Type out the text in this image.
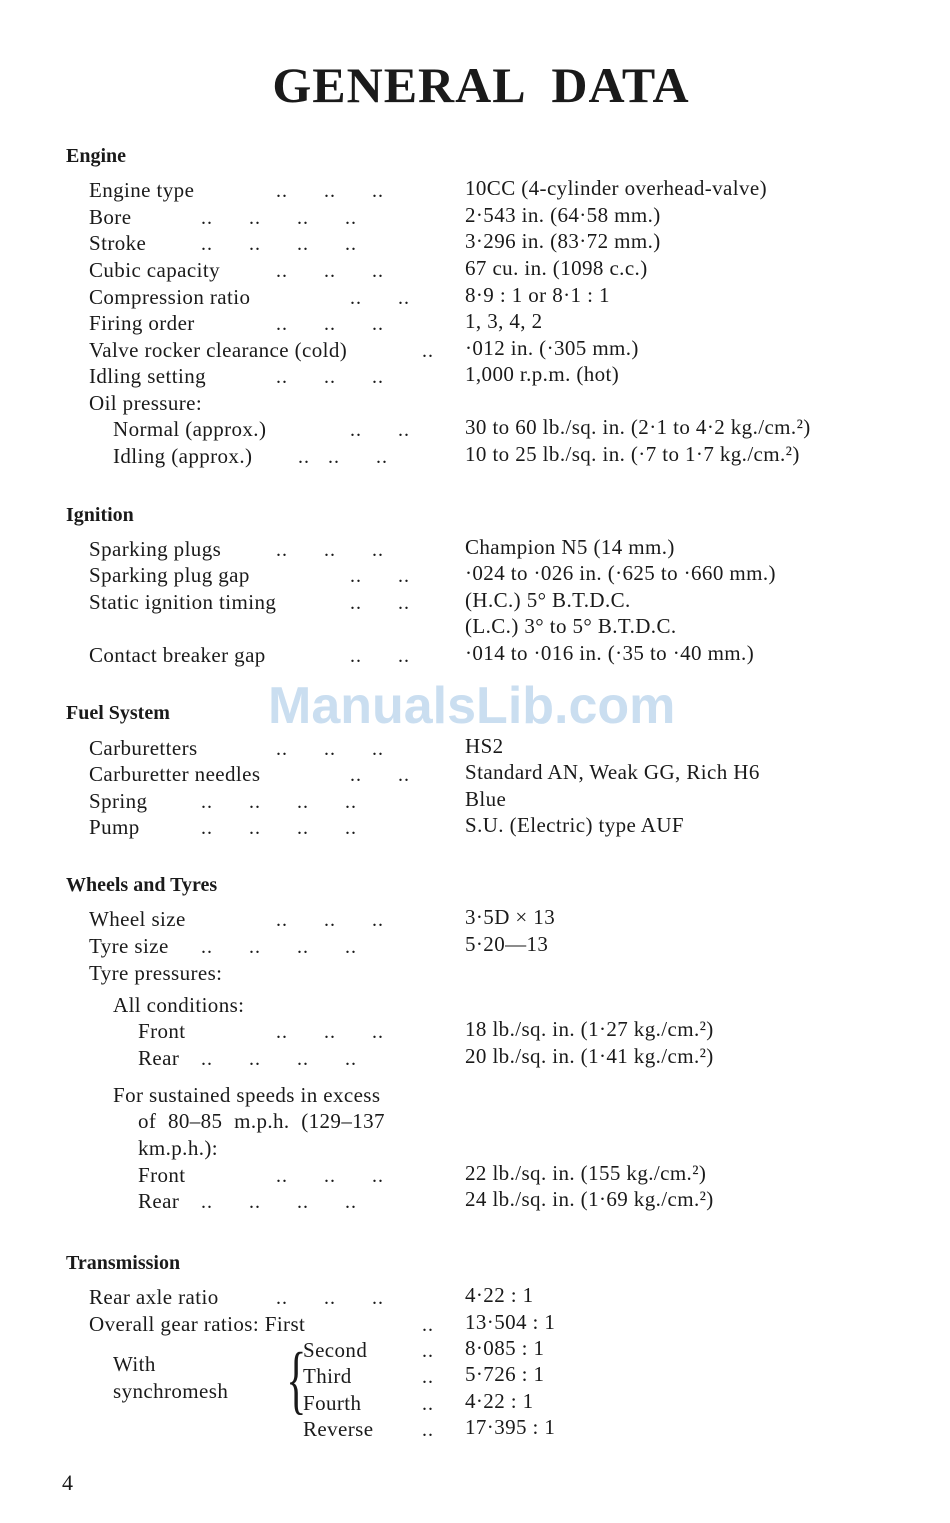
GENERAL DATA
ManualsLib.com
Engine
Engine type	..      ..      ..	10CC (4-cylinder overhead-valve)
Bore	..      ..      ..      ..	2·543 in. (64·58 mm.)
Stroke	..      ..      ..      ..	3·296 in. (83·72 mm.)
Cubic capacity	..      ..      ..	67 cu. in. (1098 c.c.)
Compression ratio	..      ..	8·9 : 1 or 8·1 : 1
Firing order	..      ..      ..	1, 3, 4, 2
Valve rocker clearance (cold)	.. ·012 in. (·305 mm.)
Idling setting	..      ..      ..	1,000 r.p.m. (hot)
Oil pressure:
Normal (approx.)	..      ..	30 to 60 lb./sq. in. (2·1 to 4·2 kg./cm.²)
Idling (approx.) ..   ..      ..	10 to 25 lb./sq. in. (·7 to 1·7 kg./cm.²)
Ignition
Sparking plugs	..      ..      ..	Champion N5 (14 mm.)
Sparking plug gap	..      ..	·024 to ·026 in. (·625 to ·660 mm.)
Static ignition timing	..      ..	(H.C.) 5° B.T.D.C.
(L.C.) 3° to 5° B.T.D.C.
Contact breaker gap	..      ..	·014 to ·016 in. (·35 to ·40 mm.)
Fuel System
Carburetters	..      ..      ..	HS2
Carburetter needles	..      ..	Standard AN, Weak GG, Rich H6
Spring	..      ..      ..      ..	Blue
Pump	..      ..      ..      ..	S.U. (Electric) type AUF
Wheels and Tyres
Wheel size	..      ..      ..	3·5D × 13
Tyre size ..      ..      ..      ..	5·20—13
Tyre pressures:
All conditions:
Front	..      ..      ..	18 lb./sq. in. (1·27 kg./cm.²)
Rear ..      ..      ..      ..	20 lb./sq. in. (1·41 kg./cm.²)
For sustained speeds in excess
of 80–85 m.p.h. (129–137
km.p.h.):
Front	..      ..      ..	22 lb./sq. in. (155 kg./cm.²)
Rear ..      ..      ..      ..	24 lb./sq. in. (1·69 kg./cm.²)
Transmission
Rear axle ratio	..      ..      ..	4·22 : 1
Overall gear ratios: First	.. 13·504 : 1
With
synchromesh {
Second	.. 8·085 : 1
Third	.. 5·726 : 1
Fourth	.. 4·22 : 1
Reverse .. 17·395 : 1
4
